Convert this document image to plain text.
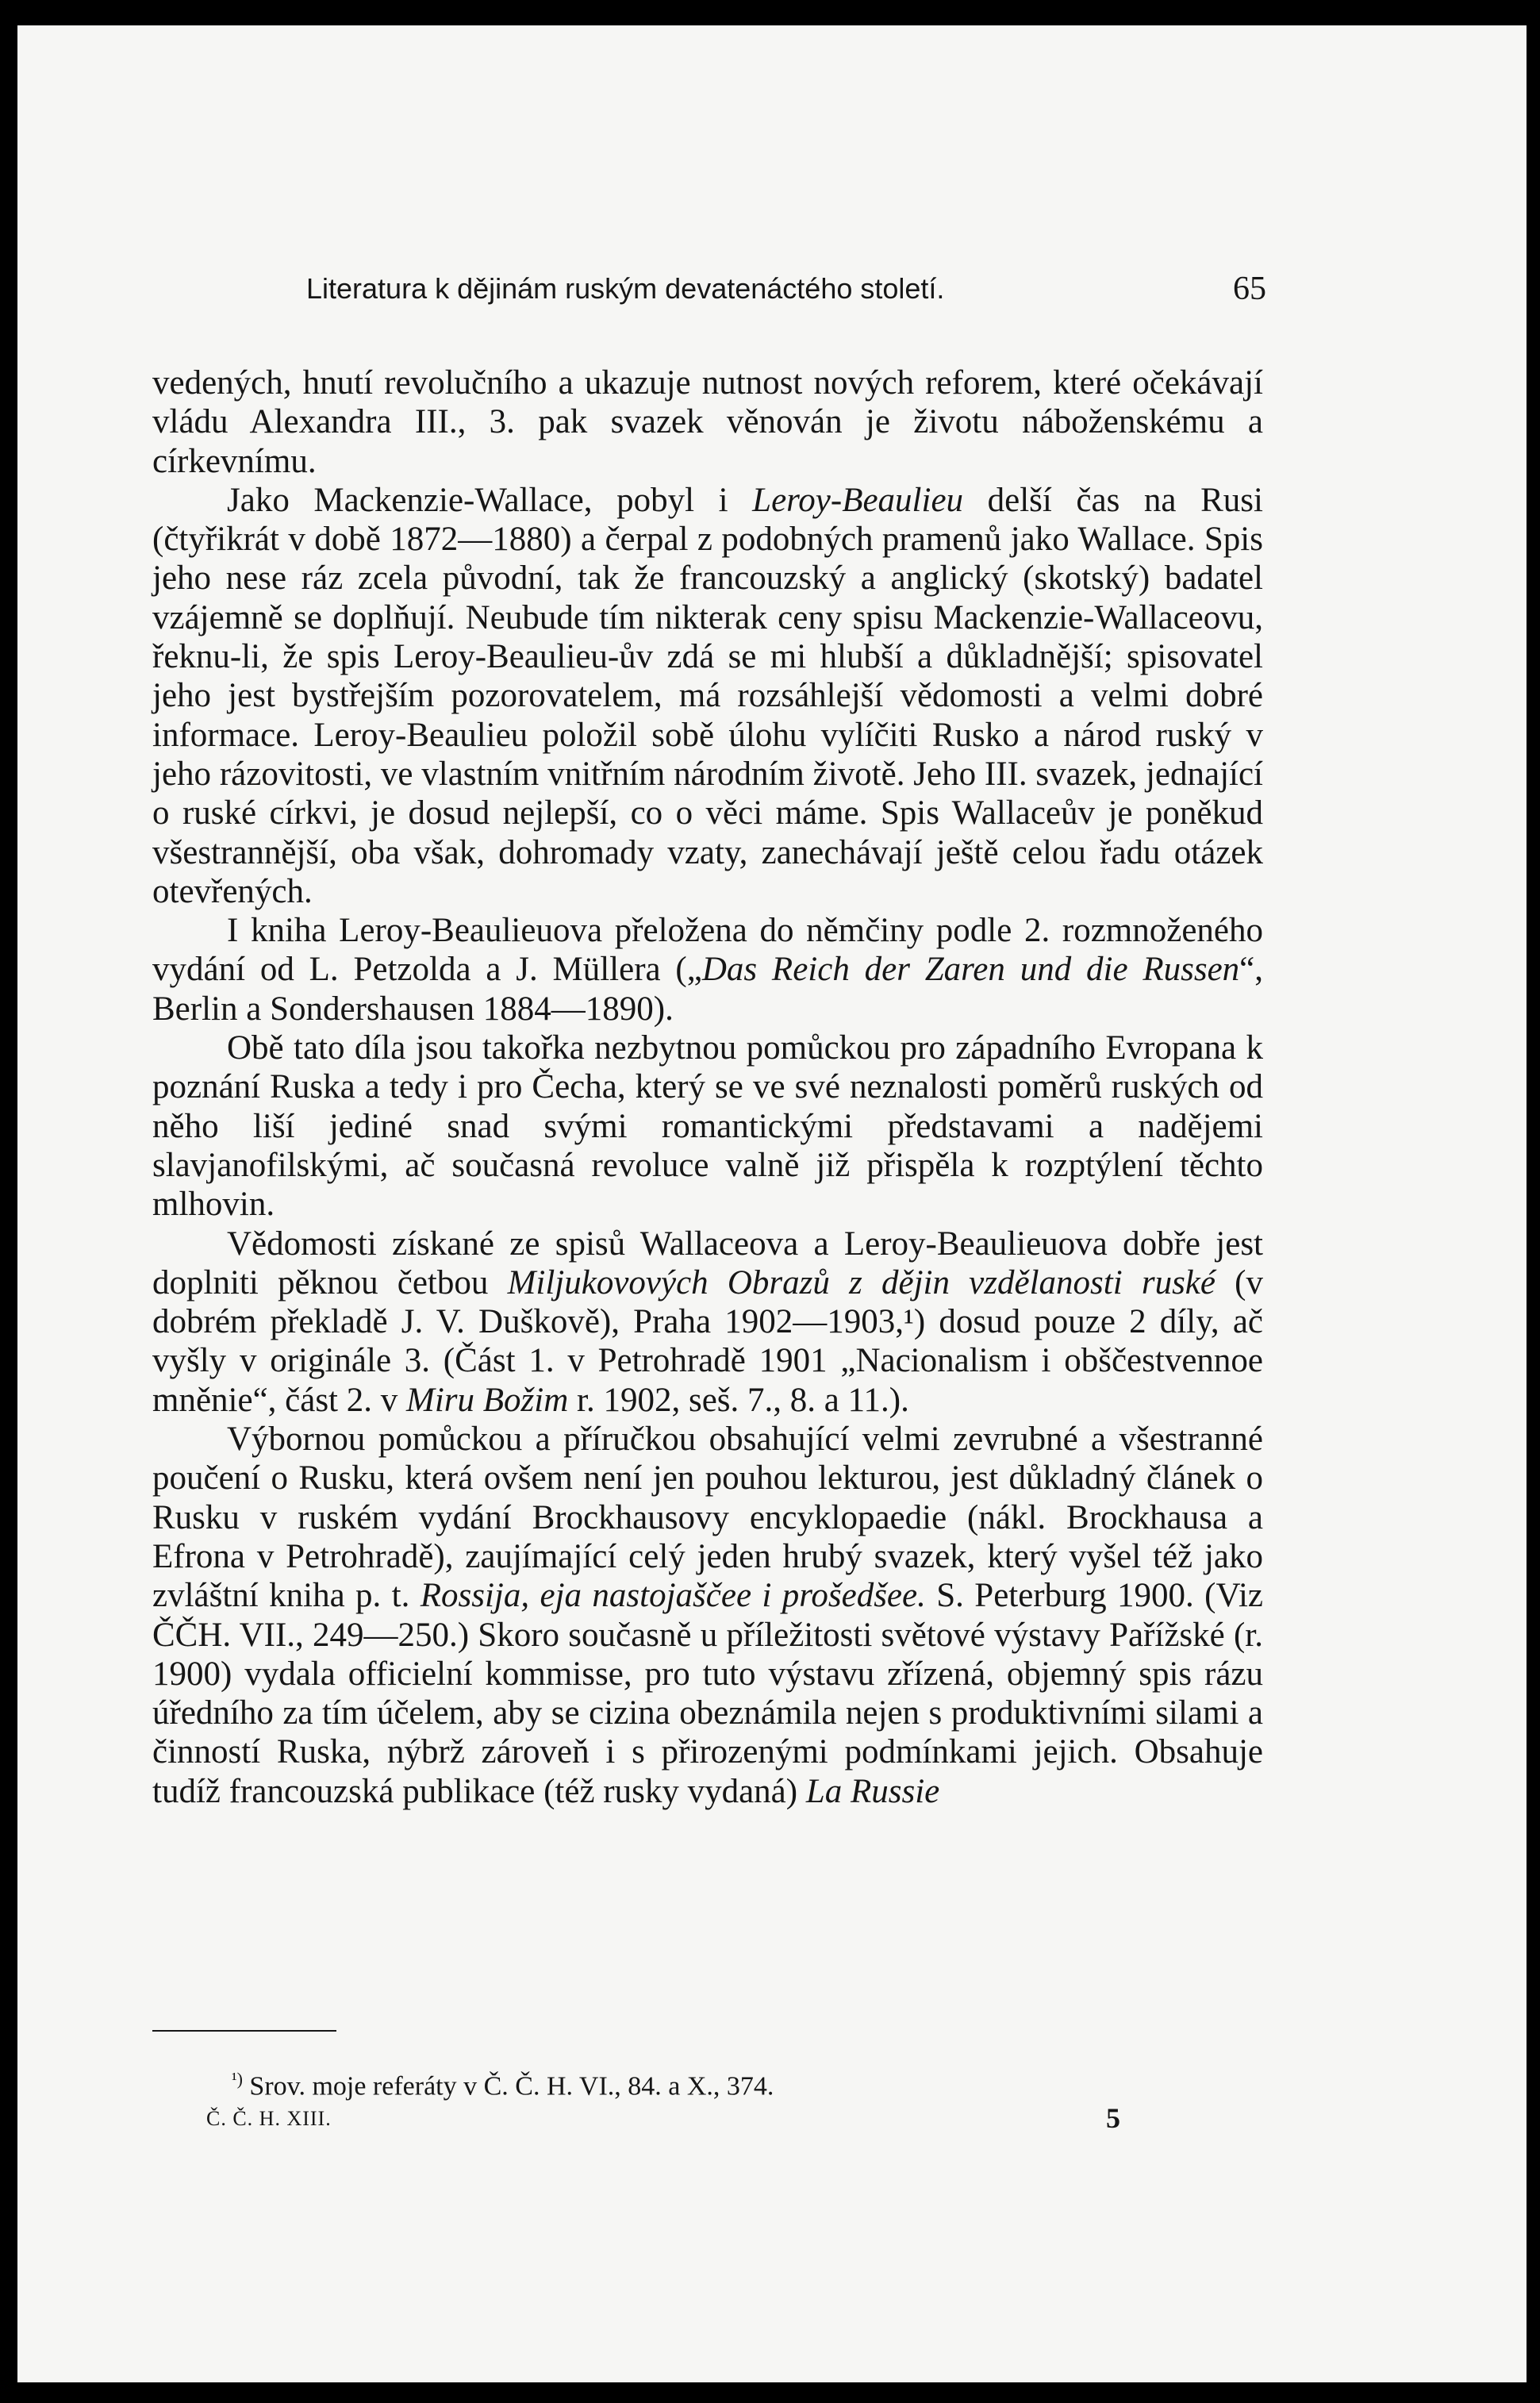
Literatura k dějinám ruským devatenáctého století.	65

vedených, hnutí revolučního a ukazuje nutnost nových reforem, které očekávají vládu Alexandra III., 3. pak svazek věnován je životu náboženskému a církevnímu.

Jako Mackenzie-Wallace, pobyl i Leroy-Beaulieu delší čas na Rusi (čtyřikrát v době 1872—1880) a čerpal z podobných pramenů jako Wallace. Spis jeho nese ráz zcela původní, tak že francouzský a anglický (skotský) badatel vzájemně se doplňují. Neubude tím nikterak ceny spisu Mackenzie-Wallaceovu, řeknu-li, že spis Leroy-Beaulieu-ův zdá se mi hlubší a důkladnější; spisovatel jeho jest bystřejším pozorovatelem, má rozsáhlejší vědomosti a velmi dobré informace. Leroy-Beaulieu položil sobě úlohu vylíčiti Rusko a národ ruský v jeho rázovitosti, ve vlastním vnitřním národním životě. Jeho III. svazek, jednající o ruské církvi, je dosud nejlepší, co o věci máme. Spis Wallaceův je poněkud všestrannější, oba však, dohromady vzaty, zanechávají ještě celou řadu otázek otevřených.

I kniha Leroy-Beaulieuova přeložena do němčiny podle 2. rozmnoženého vydání od L. Petzolda a J. Müllera („Das Reich der Zaren und die Russen“, Berlin a Sondershausen 1884—1890).

Obě tato díla jsou takořka nezbytnou pomůckou pro západního Evropana k poznání Ruska a tedy i pro Čecha, který se ve své neznalosti poměrů ruských od něho liší jediné snad svými romantickými představami a nadějemi slavjanofilskými, ač současná revoluce valně již přispěla k rozptýlení těchto mlhovin.

Vědomosti získané ze spisů Wallaceova a Leroy-Beaulieuova dobře jest doplniti pěknou četbou Miljukovových Obrazů z dějin vzdělanosti ruské (v dobrém překladě J. V. Duškově), Praha 1902—1903,¹) dosud pouze 2 díly, ač vyšly v originále 3. (Část 1. v Petrohradě 1901 „Nacionalism i obščestvennoe mněnie“, část 2. v Miru Božim r. 1902, seš. 7., 8. a 11.).

Výbornou pomůckou a příručkou obsahující velmi zevrubné a všestranné poučení o Rusku, která ovšem není jen pouhou lekturou, jest důkladný článek o Rusku v ruském vydání Brockhausovy encyklopaedie (nákl. Brockhausa a Efrona v Petrohradě), zaujímající celý jeden hrubý svazek, který vyšel též jako zvláštní kniha p. t. Rossija, eja nastojaščee i prošedšee. S. Peterburg 1900. (Viz ČČH. VII., 249—250.) Skoro současně u příležitosti světové výstavy Pařížské (r. 1900) vydala officielní kommisse, pro tuto výstavu zřízená, objemný spis rázu úředního za tím účelem, aby se cizina obeznámila nejen s produktivními silami a činností Ruska, nýbrž zároveň i s přirozenými podmínkami jejich. Obsahuje tudíž francouzská publikace (též rusky vydaná) La Russie

$^{^1)}$ Srov. moje referáty v Č. Č. H. VI., 84. a X., 374.
Č. Č. H. XIII.	5
